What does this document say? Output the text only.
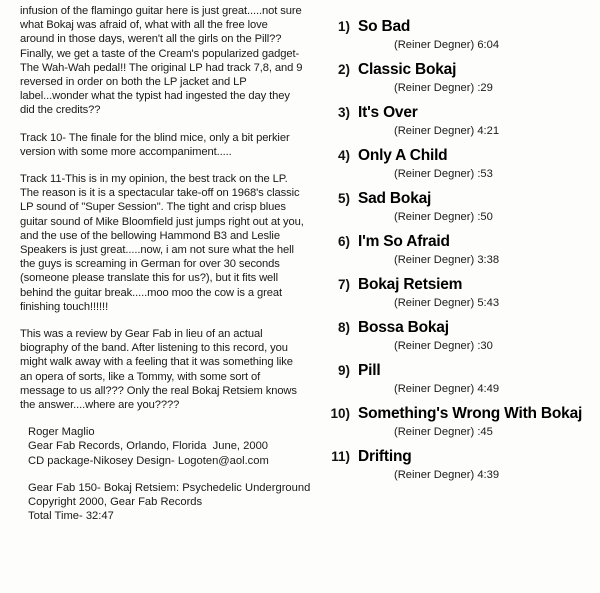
infusion of the flamingo guitar here is just great.....not sure what Bokaj was afraid of, what with all the free love around in those days, weren't all the girls on the Pill?? Finally, we get a taste of the Cream's popularized gadget- The Wah-Wah pedal!! The original LP had track 7,8, and 9 reversed in order on both the LP jacket and LP label...wonder what the typist had ingested the day they did the credits??

Track 10- The finale for the blind mice, only a bit perkier version with some more accompaniment.....

Track 11-This is in my opinion, the best track on the LP. The reason is it is a spectacular take-off on 1968's classic LP sound of "Super Session". The tight and crisp blues guitar sound of Mike Bloomfield just jumps right out at you, and the use of the bellowing Hammond B3 and Leslie Speakers is just great.....now, i am not sure what the hell the guys is screaming in German for over 30 seconds (someone please translate this for us?), but it fits well behind the guitar break.....moo moo the cow is a great finishing touch!!!!!!

This was a review by Gear Fab in lieu of an actual biography of the band. After listening to this record, you might walk away with a feeling that it was something like an opera of sorts, like a Tommy, with some sort of message to us all??? Only the real Bokaj Retsiem knows the answer....where are you????

Roger Maglio
Gear Fab Records, Orlando, Florida  June, 2000
CD package-Nikosey Design- Logoten@aol.com
Gear Fab 150- Bokaj Retsiem: Psychedelic Underground
Copyright 2000, Gear Fab Records
Total Time- 32:47
1) So Bad
(Reiner Degner) 6:04
2) Classic Bokaj
(Reiner Degner) :29
3) It's Over
(Reiner Degner) 4:21
4) Only A Child
(Reiner Degner) :53
5) Sad Bokaj
(Reiner Degner) :50
6) I'm So Afraid
(Reiner Degner) 3:38
7) Bokaj Retsiem
(Reiner Degner) 5:43
8) Bossa Bokaj
(Reiner Degner) :30
9) Pill
(Reiner Degner) 4:49
10) Something's Wrong With Bokaj
(Reiner Degner) :45
11) Drifting
(Reiner Degner) 4:39
